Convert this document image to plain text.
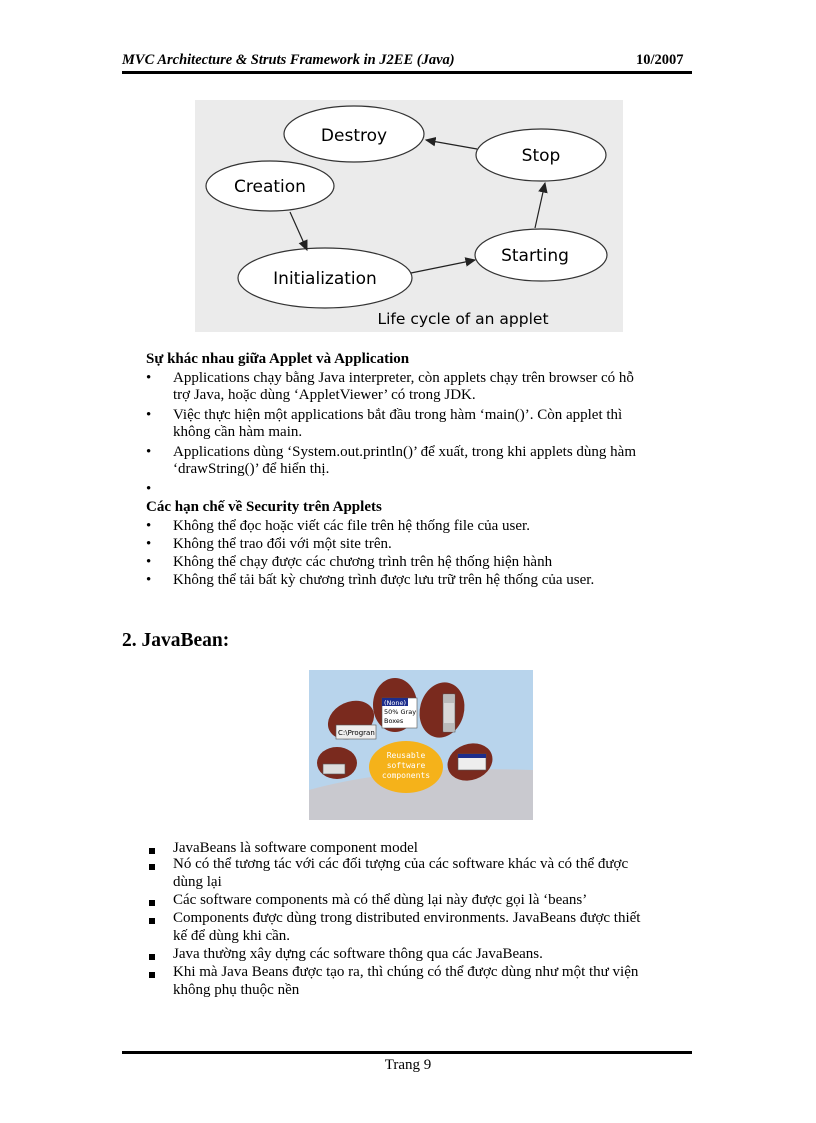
MVC Architecture & Struts Framework in J2EE (Java)	10/2007
Destroy
Stop
Creation
Starting
Initialization
Life cycle of an applet
Sự khác nhau giữa Applet và Application
•	Applications chạy bằng Java interpreter, còn applets chạy trên browser có hỗ
trợ Java, hoặc dùng ‘AppletViewer’ có trong JDK.
•	Việc thực hiện một applications bắt đầu trong hàm ‘main()’. Còn applet thì
không cần hàm main.
•	Applications dùng ‘System.out.println()’ để xuất, trong khi applets dùng hàm
‘drawString()’ để hiển thị.
•
Các hạn chế về Security trên Applets
•	Không thể đọc hoặc viết các file trên hệ thống file của user.
•	Không thể trao đổi với một site trên.
•	Không thể chạy được các chương trình trên hệ thống hiện hành
•	Không thể tải bất kỳ chương trình được lưu trữ trên hệ thống của user.
2. JavaBean:
C:\Progran
(None)
50% Gray
Boxes
Reusable
software
components
JavaBeans là software component model
Nó có thể tương tác với các đối tượng của các software khác và có thể được
dùng lại
Các software components mà có thể dùng lại này được gọi là ‘beans’
Components được dùng trong distributed environments. JavaBeans được thiết
kế để dùng khi cần.
Java thường xây dựng các software thông qua các JavaBeans.
Khi mà Java Beans được tạo ra, thì chúng có thể được dùng như một thư viện
không phụ thuộc nền
Trang 9
